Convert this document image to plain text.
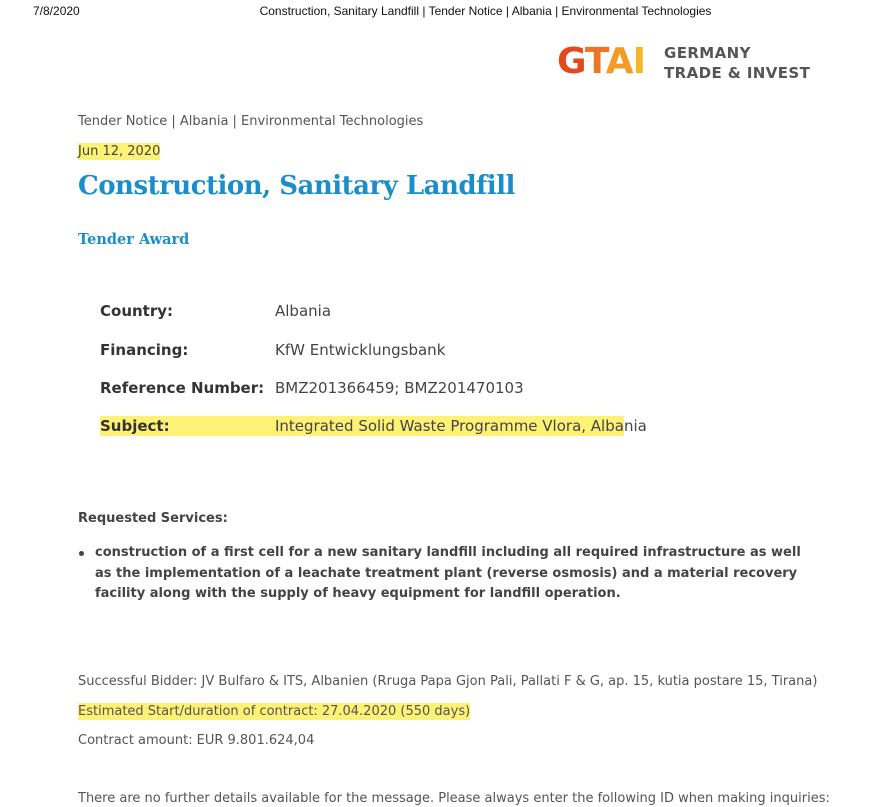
7/8/2020	Construction, Sanitary Landfill | Tender Notice | Albania | Environmental Technologies
GTAI GERMANY
TRADE & INVEST
Tender Notice | Albania | Environmental Technologies
Jun 12, 2020
Construction, Sanitary Landfill
Tender Award
Country:	Albania
Financing:	KfW Entwicklungsbank
Reference Number: BMZ201366459; BMZ201470103
Subject:	Integrated Solid Waste Programme Vlora, Albania
Requested Services:
construction of a first cell for a new sanitary landfill including all required infrastructure as well as the implementation of a leachate treatment plant (reverse osmosis) and a material recovery facility along with the supply of heavy equipment for landfill operation.
Successful Bidder: JV Bulfaro & ITS, Albanien (Rruga Papa Gjon Pali, Pallati F & G, ap. 15, kutia postare 15, Tirana)
Estimated Start/duration of contract: 27.04.2020 (550 days)
Contract amount: EUR 9.801.624,04
There are no further details available for the message. Please always enter the following ID when making inquiries:
